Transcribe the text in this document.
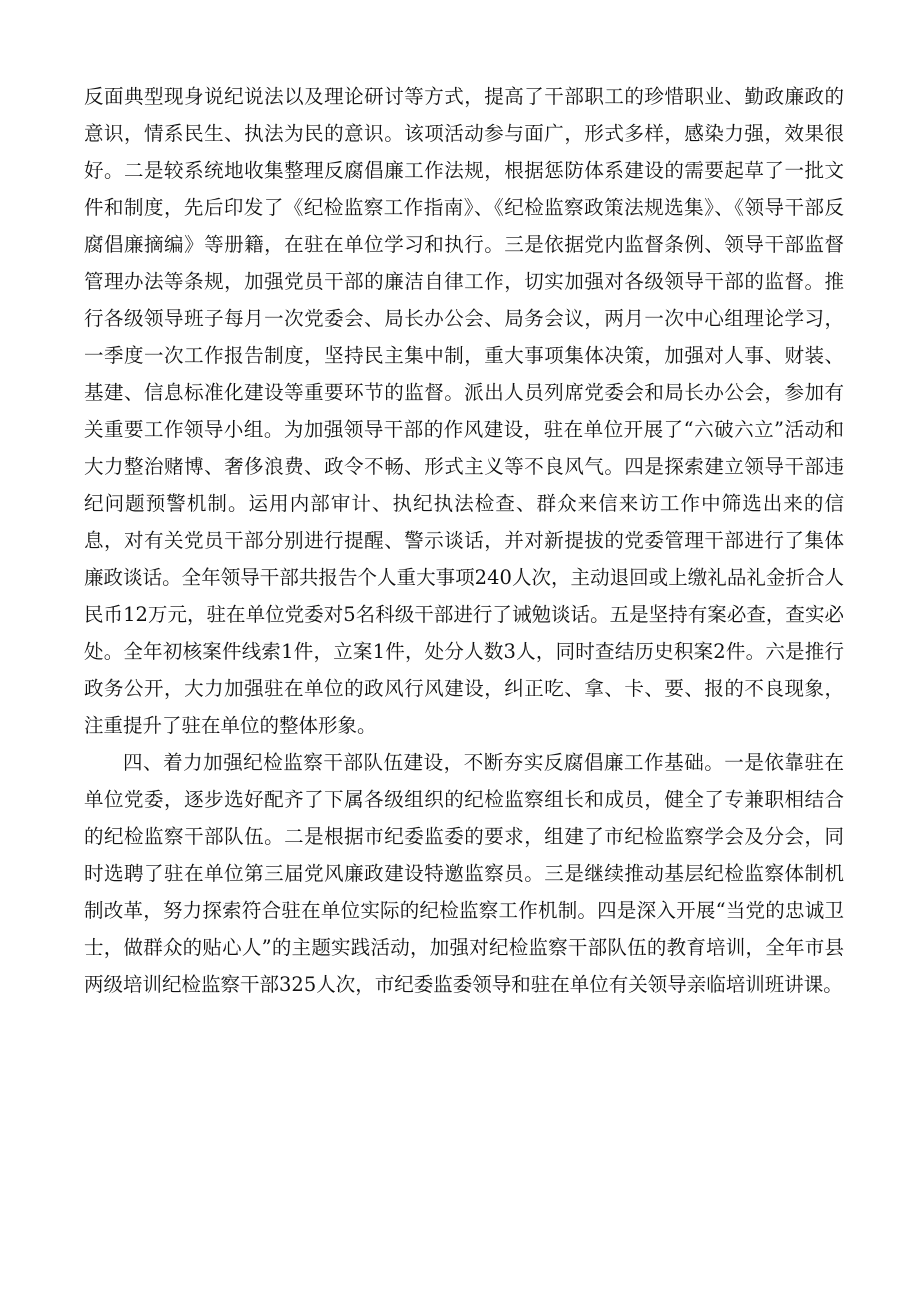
反面典型现身说纪说法以及理论研讨等方式，提高了干部职工的珍惜职业、勤政廉政的意识，情系民生、执法为民的意识。该项活动参与面广，形式多样，感染力强，效果很好。二是较系统地收集整理反腐倡廉工作法规，根据惩防体系建设的需要起草了一批文件和制度，先后印发了《纪检监察工作指南》、《纪检监察政策法规选集》、《领导干部反腐倡廉摘编》等册籍，在驻在单位学习和执行。三是依据党内监督条例、领导干部监督管理办法等条规，加强党员干部的廉洁自律工作，切实加强对各级领导干部的监督。推行各级领导班子每月一次党委会、局长办公会、局务会议，两月一次中心组理论学习，一季度一次工作报告制度，坚持民主集中制，重大事项集体决策，加强对人事、财装、基建、信息标准化建设等重要环节的监督。派出人员列席党委会和局长办公会，参加有关重要工作领导小组。为加强领导干部的作风建设，驻在单位开展了“六破六立”活动和大力整治赌博、奢侈浪费、政令不畅、形式主义等不良风气。四是探索建立领导干部违纪问题预警机制。运用内部审计、执纪执法检查、群众来信来访工作中筛选出来的信息，对有关党员干部分别进行提醒、警示谈话，并对新提拔的党委管理干部进行了集体廉政谈话。全年领导干部共报告个人重大事项240人次，主动退回或上缴礼品礼金折合人民币12万元，驻在单位党委对5名科级干部进行了诫勉谈话。五是坚持有案必查，查实必处。全年初核案件线索1件，立案1件，处分人数3人，同时查结历史积案2件。六是推行政务公开，大力加强驻在单位的政风行风建设，纠正吃、拿、卡、要、报的不良现象，注重提升了驻在单位的整体形象。

四、着力加强纪检监察干部队伍建设，不断夯实反腐倡廉工作基础。一是依靠驻在单位党委，逐步选好配齐了下属各级组织的纪检监察组长和成员，健全了专兼职相结合的纪检监察干部队伍。二是根据市纪委监委的要求，组建了市纪检监察学会及分会，同时选聘了驻在单位第三届党风廉政建设特邀监察员。三是继续推动基层纪检监察体制机制改革，努力探索符合驻在单位实际的纪检监察工作机制。四是深入开展“当党的忠诚卫士，做群众的贴心人”的主题实践活动，加强对纪检监察干部队伍的教育培训，全年市县两级培训纪检监察干部325人次，市纪委监委领导和驻在单位有关领导亲临培训班讲课。
